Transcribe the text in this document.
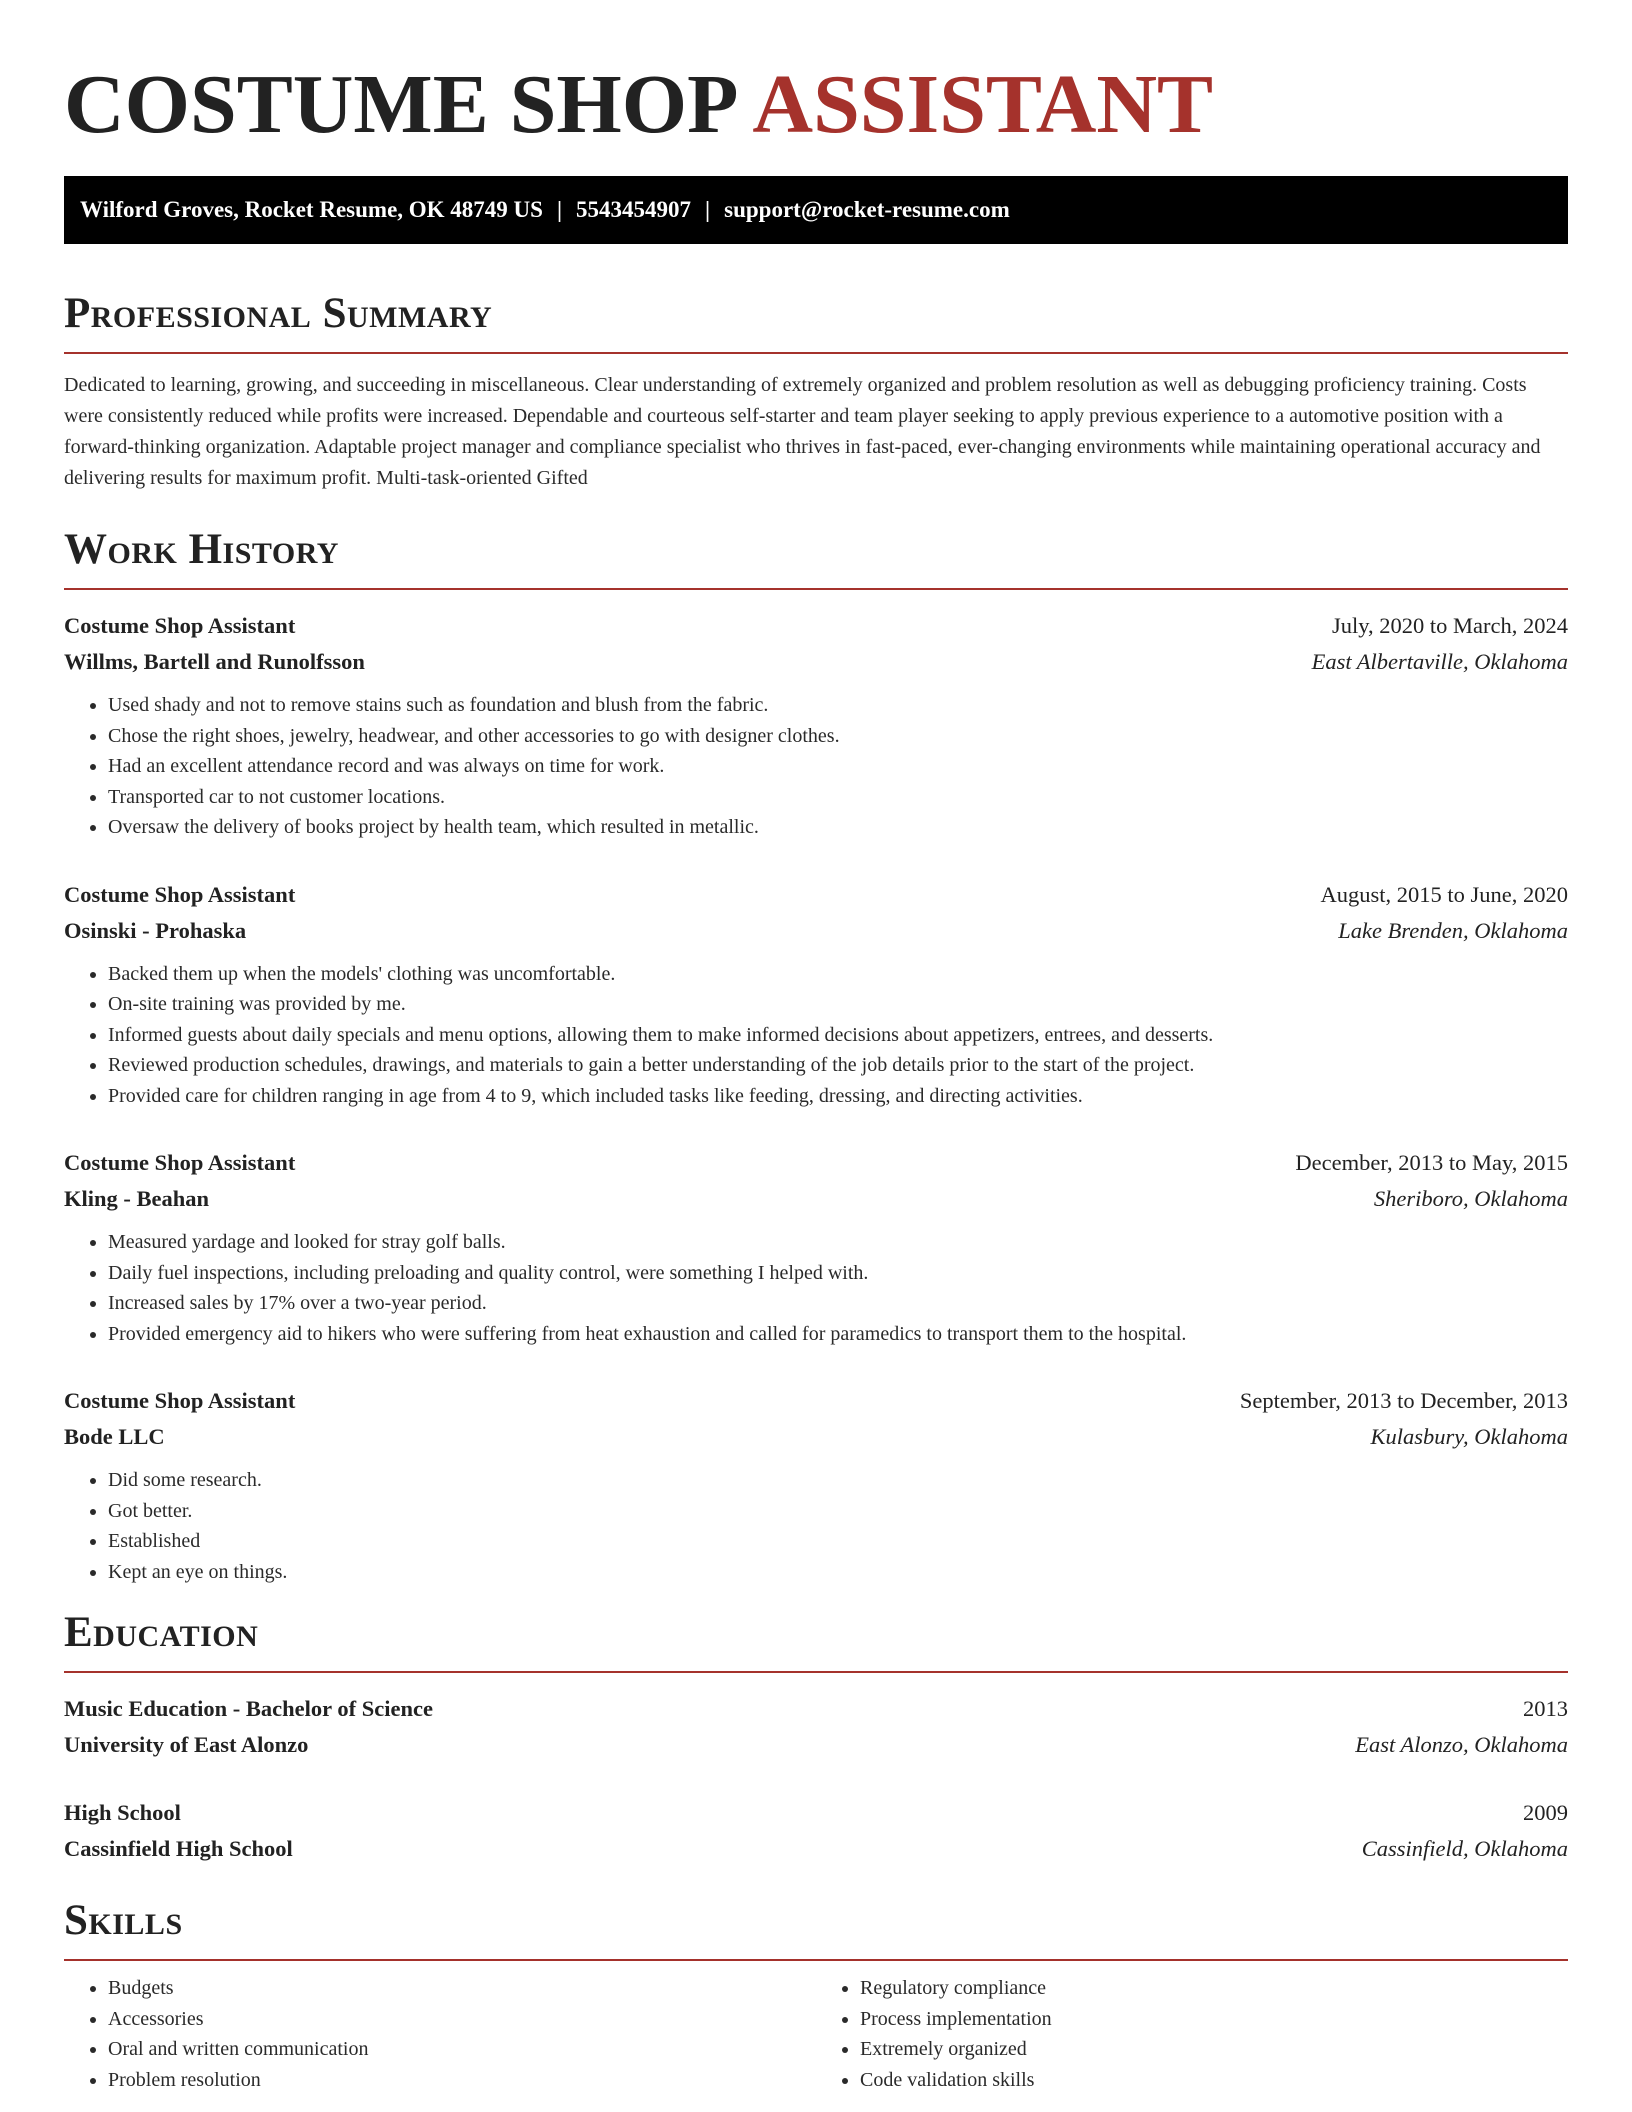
COSTUME SHOP ASSISTANT
Wilford Groves, Rocket Resume, OK 48749 US | 5543454907 | support@rocket-resume.com
Professional Summary

Dedicated to learning, growing, and succeeding in miscellaneous. Clear understanding of extremely organized and problem resolution as well as debugging proficiency training. Costs were consistently reduced while profits were increased. Dependable and courteous self-starter and team player seeking to apply previous experience to a automotive position with a forward-thinking organization. Adaptable project manager and compliance specialist who thrives in fast-paced, ever-changing environments while maintaining operational accuracy and delivering results for maximum profit. Multi-task-oriented Gifted

Work History
Costume Shop Assistant	July, 2020 to March, 2024
Willms, Bartell and Runolfsson	East Albertaville, Oklahoma
• Used shady and not to remove stains such as foundation and blush from the fabric.
• Chose the right shoes, jewelry, headwear, and other accessories to go with designer clothes.
• Had an excellent attendance record and was always on time for work.
• Transported car to not customer locations.
• Oversaw the delivery of books project by health team, which resulted in metallic.
Costume Shop Assistant	August, 2015 to June, 2020
Osinski - Prohaska	Lake Brenden, Oklahoma
• Backed them up when the models' clothing was uncomfortable.
• On-site training was provided by me.
• Informed guests about daily specials and menu options, allowing them to make informed decisions about appetizers, entrees, and desserts.
• Reviewed production schedules, drawings, and materials to gain a better understanding of the job details prior to the start of the project.
• Provided care for children ranging in age from 4 to 9, which included tasks like feeding, dressing, and directing activities.
Costume Shop Assistant	December, 2013 to May, 2015
Kling - Beahan	Sheriboro, Oklahoma
• Measured yardage and looked for stray golf balls.
• Daily fuel inspections, including preloading and quality control, were something I helped with.
• Increased sales by 17% over a two-year period.
• Provided emergency aid to hikers who were suffering from heat exhaustion and called for paramedics to transport them to the hospital.
Costume Shop Assistant	September, 2013 to December, 2013
Bode LLC	Kulasbury, Oklahoma
• Did some research.
• Got better.
• Established
• Kept an eye on things.
Education
Music Education - Bachelor of Science	2013
University of East Alonzo	East Alonzo, Oklahoma
High School	2009
Cassinfield High School	Cassinfield, Oklahoma
Skills
• Budgets
• Accessories
• Oral and written communication
• Problem resolution
• Regulatory compliance
• Process implementation
• Extremely organized
• Code validation skills
